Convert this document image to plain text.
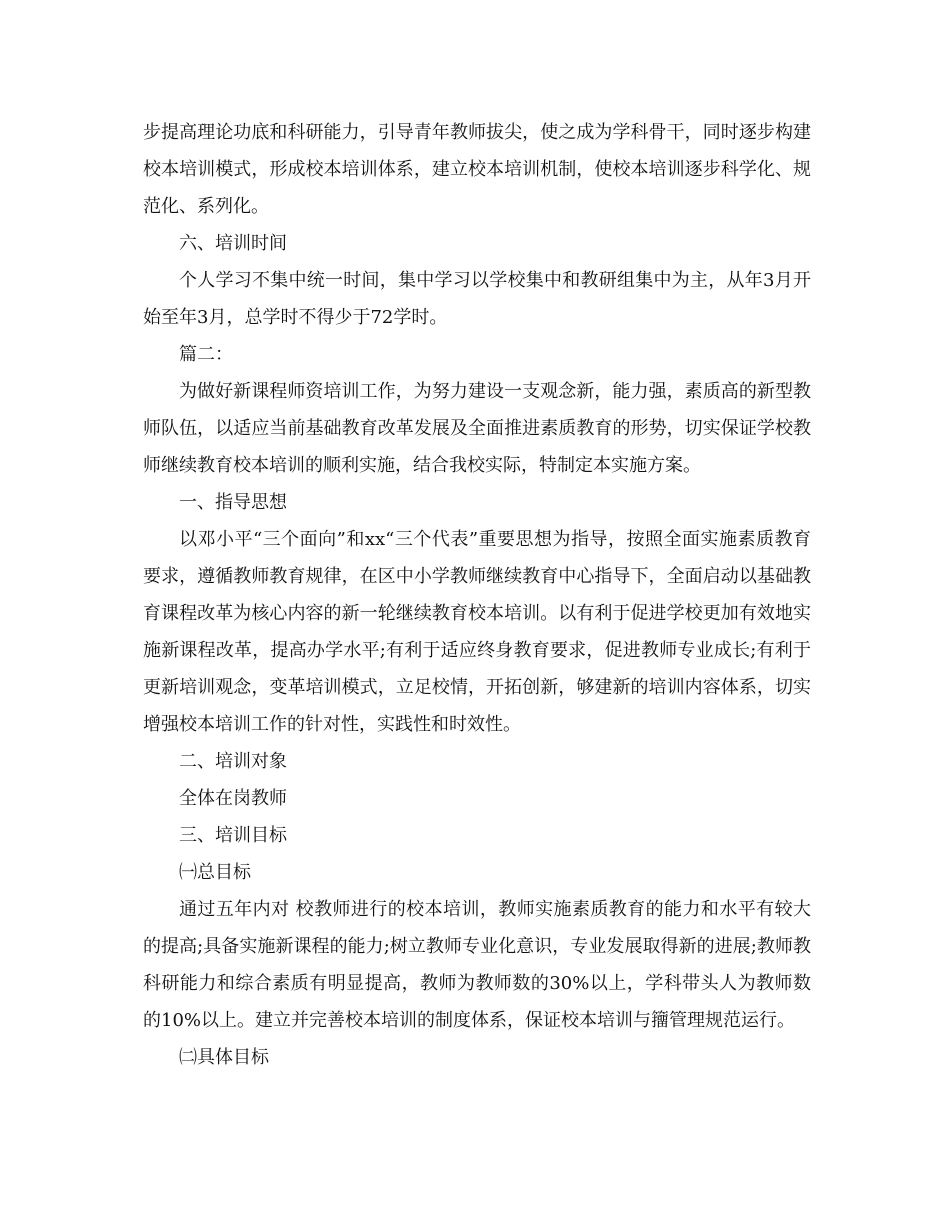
步提高理论功底和科研能力，引导青年教师拔尖，使之成为学科骨干，同时逐步构建校本培训模式，形成校本培训体系，建立校本培训机制，使校本培训逐步科学化、规范化、系列化。

六、培训时间

个人学习不集中统一时间，集中学习以学校集中和教研组集中为主，从年3月开始至年3月，总学时不得少于72学时。

篇二：

为做好新课程师资培训工作，为努力建设一支观念新，能力强，素质高的新型教师队伍，以适应当前基础教育改革发展及全面推进素质教育的形势，切实保证学校教师继续教育校本培训的顺利实施，结合我校实际，特制定本实施方案。

一、指导思想

以邓小平“三个面向”和xx“三个代表”重要思想为指导，按照全面实施素质教育要求，遵循教师教育规律，在区中小学教师继续教育中心指导下，全面启动以基础教育课程改革为核心内容的新一轮继续教育校本培训。以有利于促进学校更加有效地实施新课程改革，提高办学水平;有利于适应终身教育要求，促进教师专业成长;有利于更新培训观念，变革培训模式，立足校情，开拓创新，够建新的培训内容体系，切实增强校本培训工作的针对性，实践性和时效性。

二、培训对象

全体在岗教师

三、培训目标

㈠总目标

通过五年内对 校教师进行的校本培训，教师实施素质教育的能力和水平有较大的提高;具备实施新课程的能力;树立教师专业化意识，专业发展取得新的进展;教师教科研能力和综合素质有明显提高，教师为教师数的30%以上，学科带头人为教师数的10%以上。建立并完善校本培训的制度体系，保证校本培训与籒管理规范运行。

㈡具体目标
